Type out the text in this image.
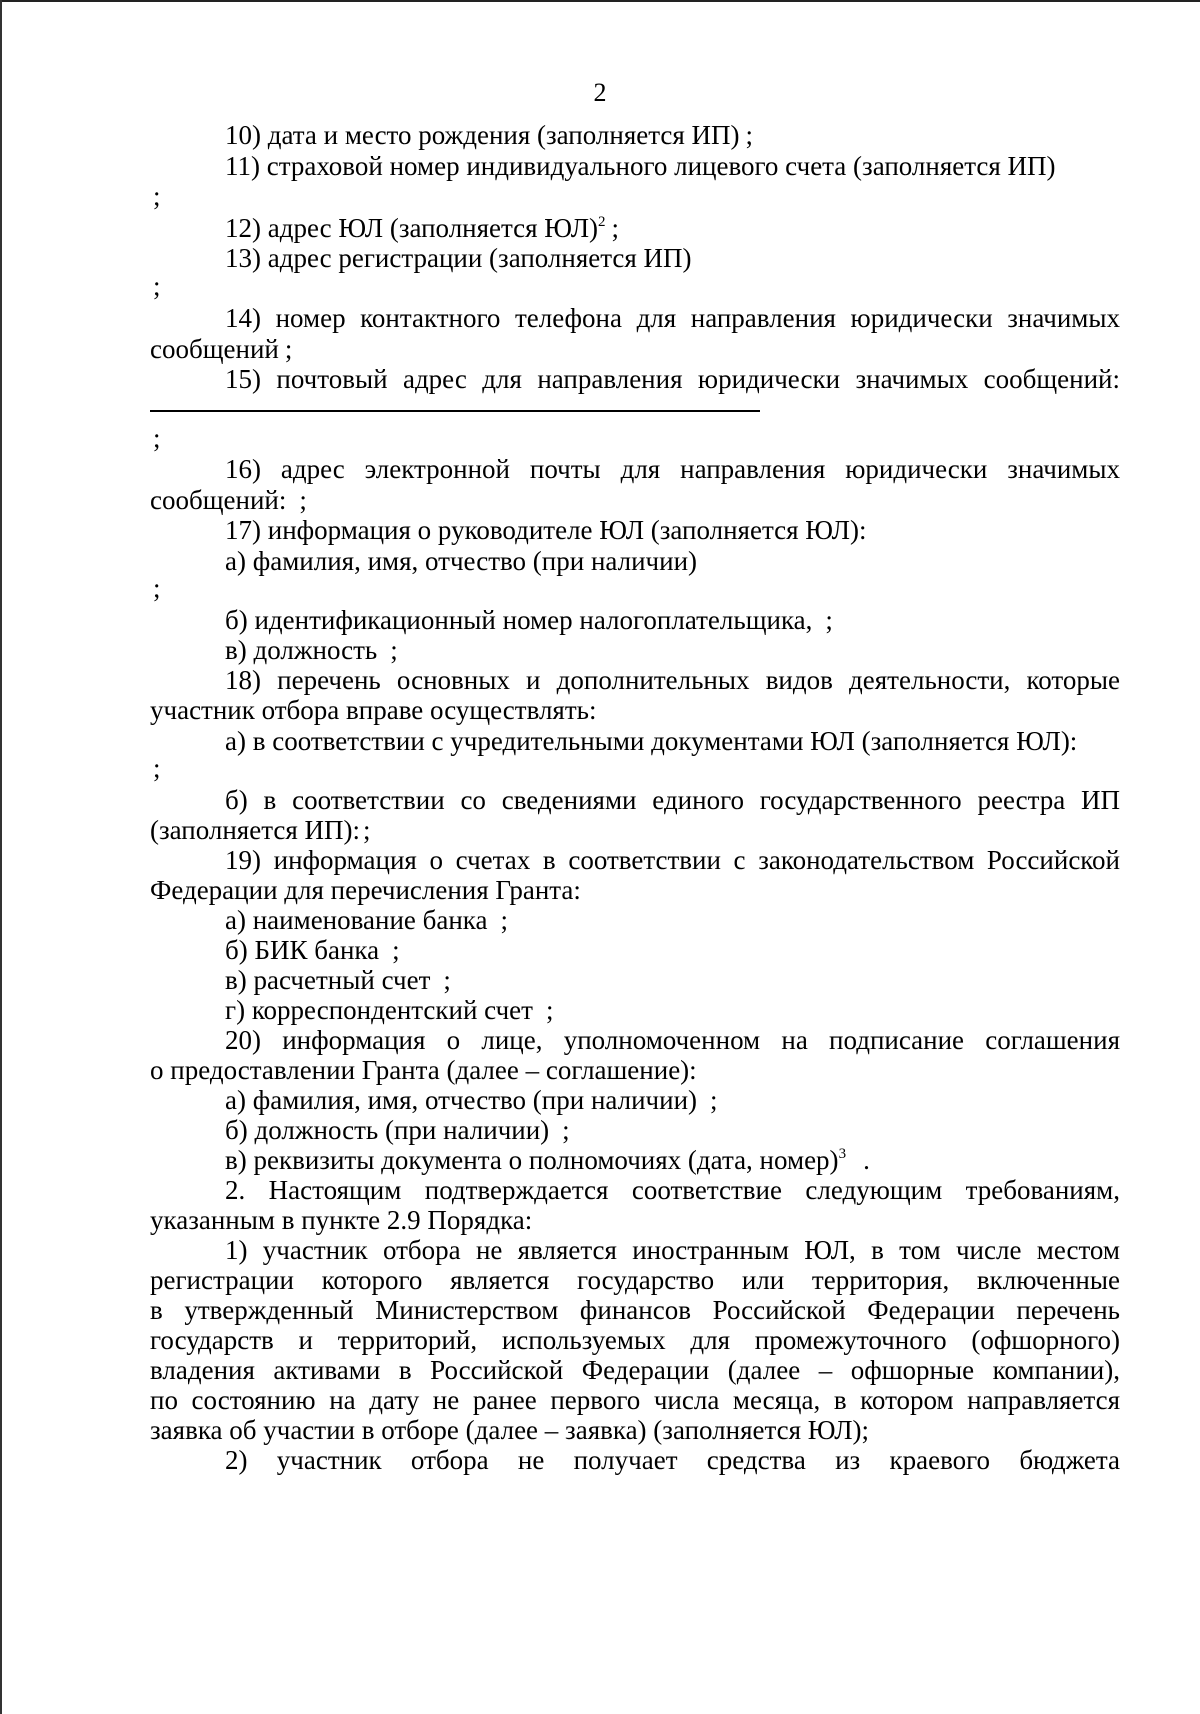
2
10) дата и место рождения (заполняется ИП) ;
11) страховой номер индивидуального лицевого счета (заполняется ИП)
;
12) адрес ЮЛ (заполняется ЮЛ)$^2$ ;
13) адрес регистрации (заполняется ИП)
;
14) номер контактного телефона для направления юридически значимых
сообщений ;
15) почтовый адрес для направления юридически значимых сообщений:
;
16) адрес электронной почты для направления юридически значимых
сообщений: ;
17) информация о руководителе ЮЛ (заполняется ЮЛ):
а) фамилия, имя, отчество (при наличии)
;
б) идентификационный номер налогоплательщика, ;
в) должность ;
18) перечень основных и дополнительных видов деятельности, которые
участник отбора вправе осуществлять:
а) в соответствии с учредительными документами ЮЛ (заполняется ЮЛ):
;
б) в соответствии со сведениями единого государственного реестра ИП
(заполняется ИП): ;
19) информация о счетах в соответствии с законодательством Российской
Федерации для перечисления Гранта:
а) наименование банка ;
б) БИК банка ;
в) расчетный счет ;
г) корреспондентский счет ;
20) информация о лице, уполномоченном на подписание соглашения
о предоставлении Гранта (далее – соглашение):
а) фамилия, имя, отчество (при наличии) ;
б) должность (при наличии) ;
в) реквизиты документа о полномочиях (дата, номер)$^3$ .
2. Настоящим подтверждается соответствие следующим требованиям,
указанным в пункте 2.9 Порядка:
1) участник отбора не является иностранным ЮЛ, в том числе местом
регистрации которого является государство или территория, включенные
в утвержденный Министерством финансов Российской Федерации перечень
государств и территорий, используемых для промежуточного (офшорного)
владения активами в Российской Федерации (далее – офшорные компании),
по состоянию на дату не ранее первого числа месяца, в котором направляется
заявка об участии в отборе (далее – заявка) (заполняется ЮЛ);
2) участник отбора не получает средства из краевого бюджета
